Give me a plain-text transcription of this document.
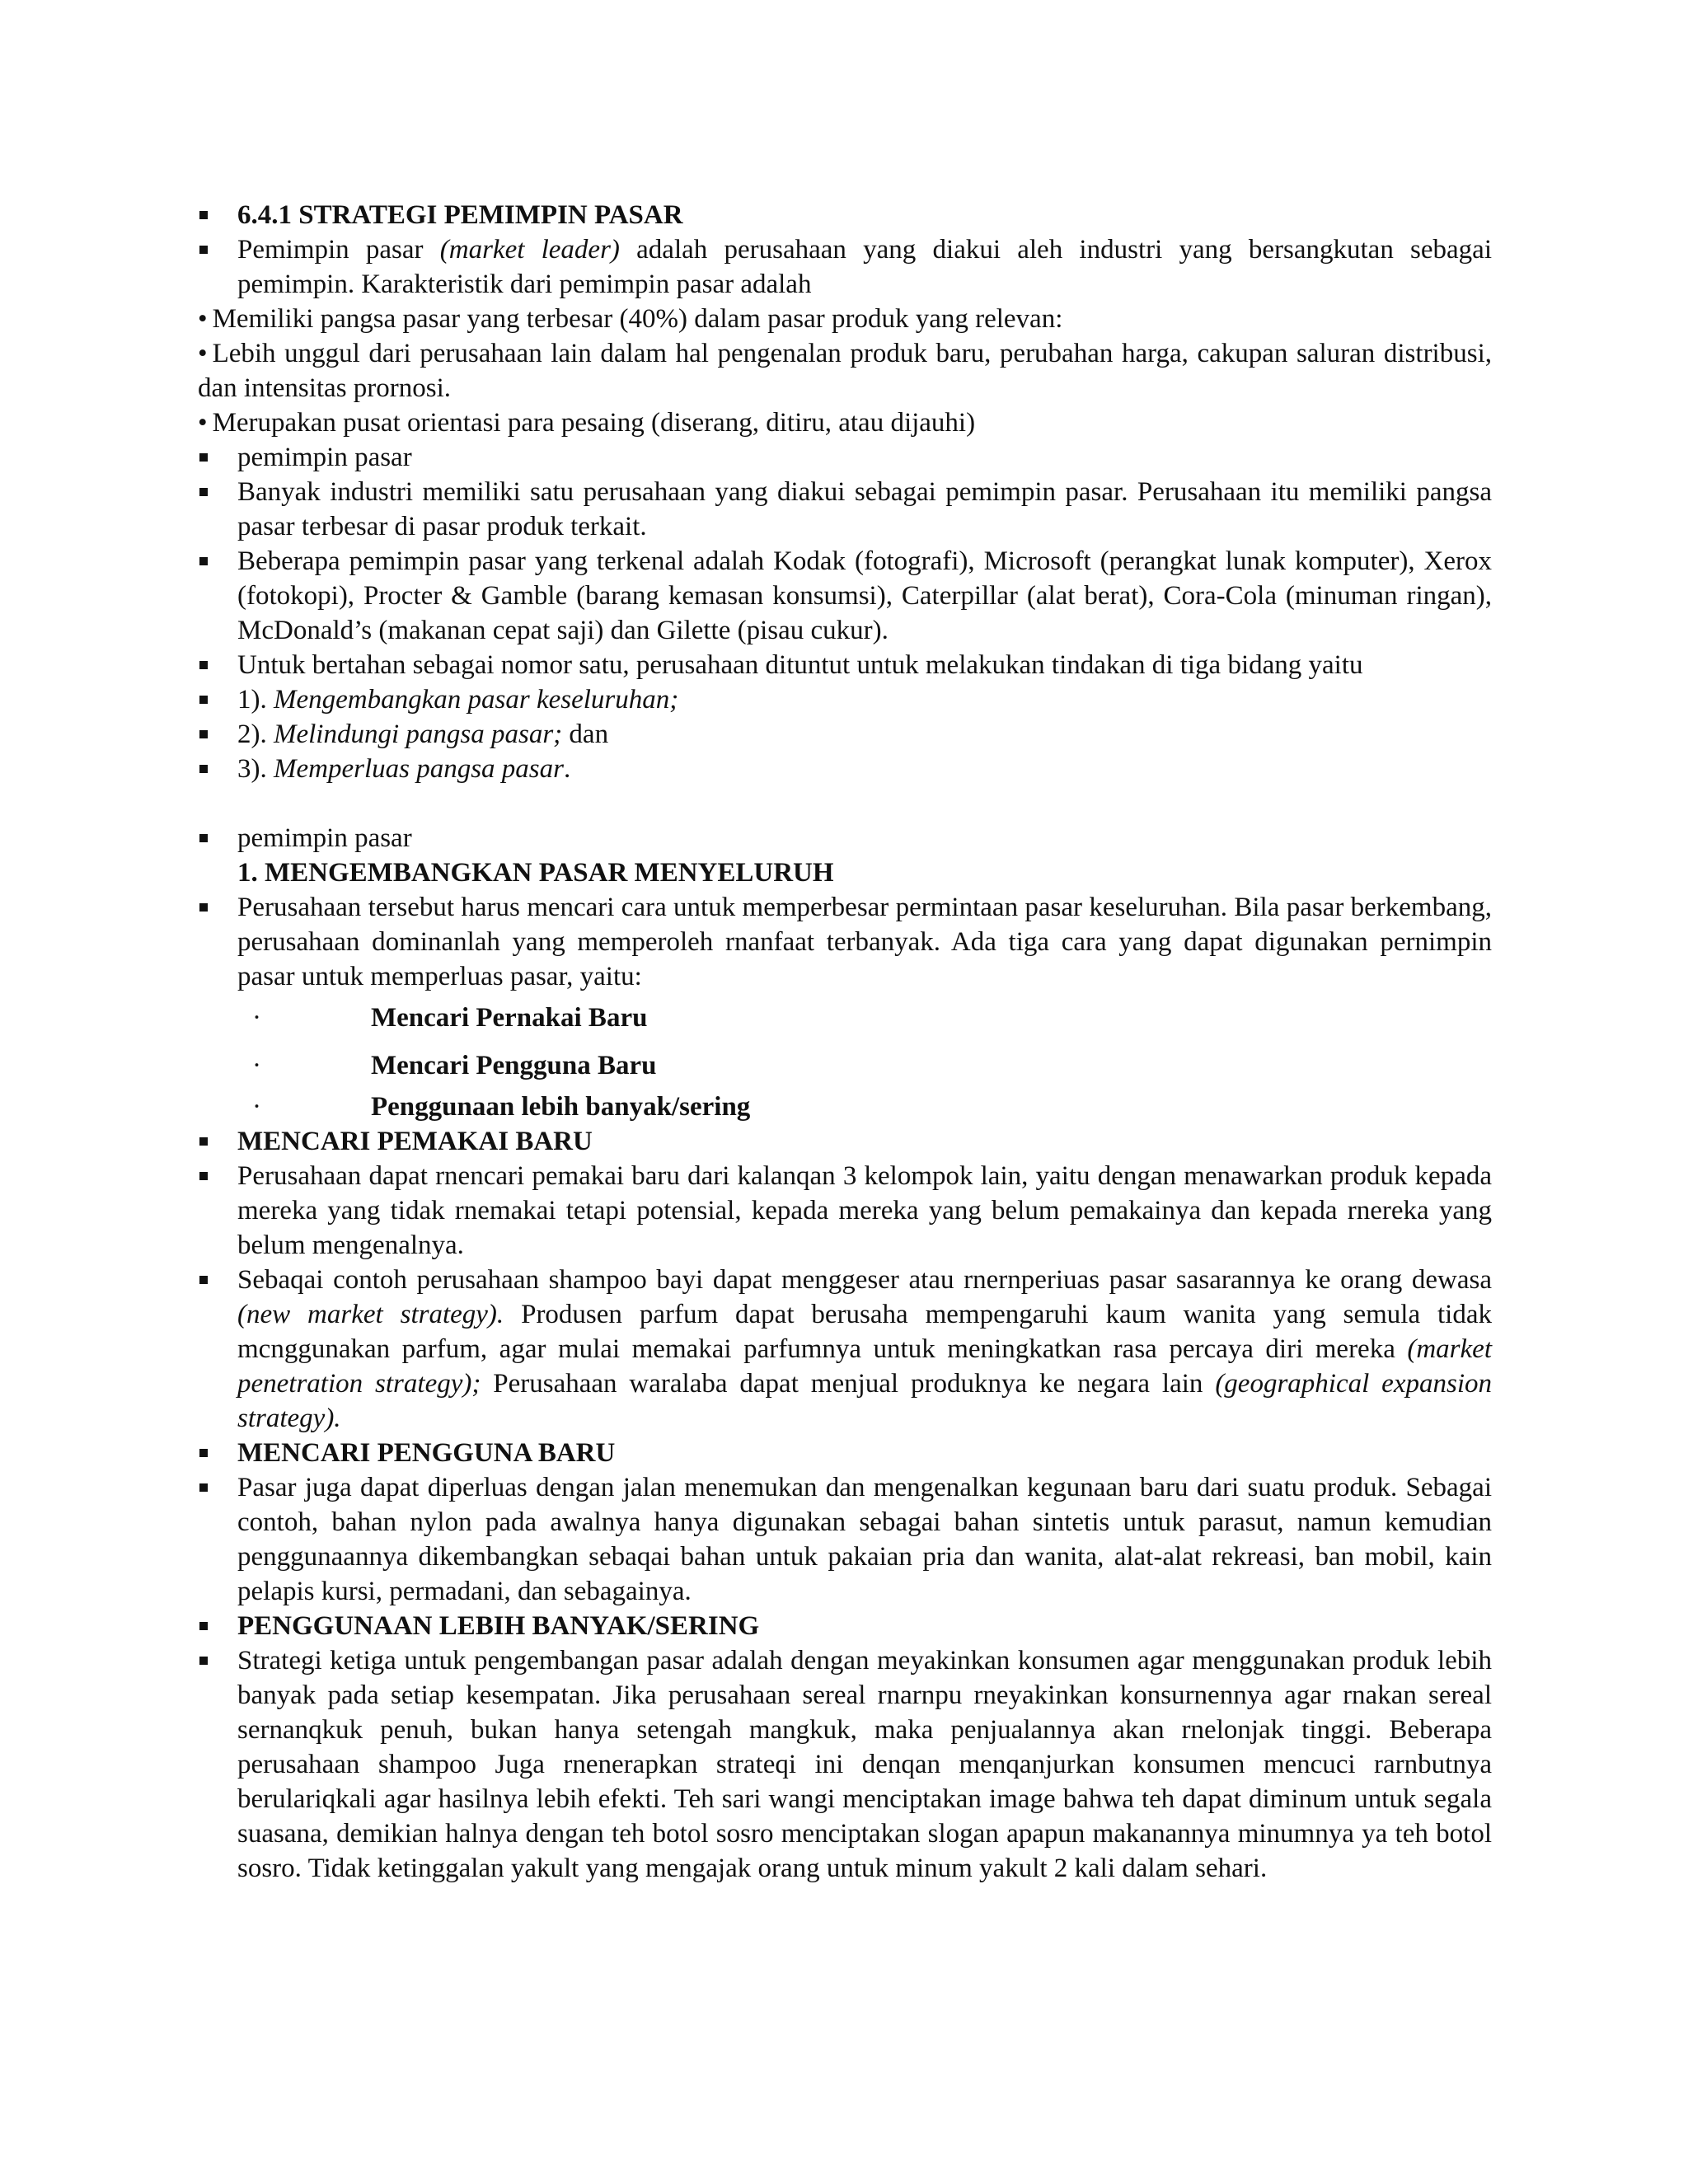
6.4.1 STRATEGI PEMIMPIN PASAR
Pemimpin pasar (market leader) adalah perusahaan yang diakui aleh industri yang bersangkutan sebagai pemimpin. Karakteristik dari pemimpin pasar adalah
• Memiliki pangsa pasar yang terbesar (40%) dalam pasar produk yang relevan:
• Lebih unggul dari perusahaan lain dalam hal pengenalan produk baru, perubahan harga, cakupan saluran distribusi, dan intensitas prornosi.
• Merupakan pusat orientasi para pesaing (diserang, ditiru, atau dijauhi)
pemimpin pasar
Banyak industri memiliki satu perusahaan yang diakui sebagai pemimpin pasar. Perusahaan itu memiliki pangsa pasar terbesar di pasar produk terkait.
Beberapa pemimpin pasar yang terkenal adalah Kodak (fotografi), Microsoft (perangkat lunak komputer), Xerox (fotokopi), Procter & Gamble (barang kemasan konsumsi), Caterpillar (alat berat), Cora-Cola (minuman ringan), McDonald’s (makanan cepat saji) dan Gilette (pisau cukur).
Untuk bertahan sebagai nomor satu, perusahaan dituntut untuk melakukan tindakan di tiga bidang yaitu
1). Mengembangkan pasar keseluruhan;
2). Melindungi pangsa pasar; dan
3). Memperluas pangsa pasar.
pemimpin pasar
1. MENGEMBANGKAN PASAR MENYELURUH
Perusahaan tersebut harus mencari cara untuk memperbesar permintaan pasar keseluruhan. Bila pasar berkembang, perusahaan dominanlah yang memperoleh rnanfaat terbanyak. Ada tiga cara yang dapat digunakan pernimpin pasar untuk memperluas pasar, yaitu:
·	Mencari Pernakai Baru
·	Mencari Pengguna Baru
·	Penggunaan lebih banyak/sering
MENCARI PEMAKAI BARU
Perusahaan dapat rnencari pemakai baru dari kalanqan 3 kelompok lain, yaitu dengan menawarkan produk kepada mereka yang tidak rnemakai tetapi potensial, kepada mereka yang belum pemakainya dan kepada rnereka yang belum mengenalnya.
Sebaqai contoh perusahaan shampoo bayi dapat menggeser atau rnernperiuas pasar sasarannya ke orang dewasa (new market strategy). Produsen parfum dapat berusaha mempengaruhi kaum wanita yang semula tidak mcnggunakan parfum, agar mulai memakai parfumnya untuk meningkatkan rasa percaya diri mereka (market penetration strategy); Perusahaan waralaba dapat menjual produknya ke negara lain (geographical expansion strategy).
MENCARI PENGGUNA BARU
Pasar juga dapat diperluas dengan jalan menemukan dan mengenalkan kegunaan baru dari suatu produk. Sebagai contoh, bahan nylon pada awalnya hanya digunakan sebagai bahan sintetis untuk parasut, namun kemudian penggunaannya dikembangkan sebaqai bahan untuk pakaian pria dan wanita, alat-alat rekreasi, ban mobil, kain pelapis kursi, permadani, dan sebagainya.
PENGGUNAAN LEBIH BANYAK/SERING
Strategi ketiga untuk pengembangan pasar adalah dengan meyakinkan konsumen agar menggunakan produk lebih banyak pada setiap kesempatan. Jika perusahaan sereal rnarnpu rneyakinkan konsurnennya agar rnakan sereal sernanqkuk penuh, bukan hanya setengah mangkuk, maka penjualannya akan rnelonjak tinggi. Beberapa perusahaan shampoo Juga rnenerapkan strateqi ini denqan menqanjurkan konsumen mencuci rarnbutnya berulariqkali agar hasilnya lebih efekti. Teh sari wangi menciptakan image bahwa teh dapat diminum untuk segala suasana, demikian halnya dengan teh botol sosro menciptakan slogan apapun makanannya minumnya ya teh botol sosro. Tidak ketinggalan yakult yang mengajak orang untuk minum yakult 2 kali dalam sehari.
